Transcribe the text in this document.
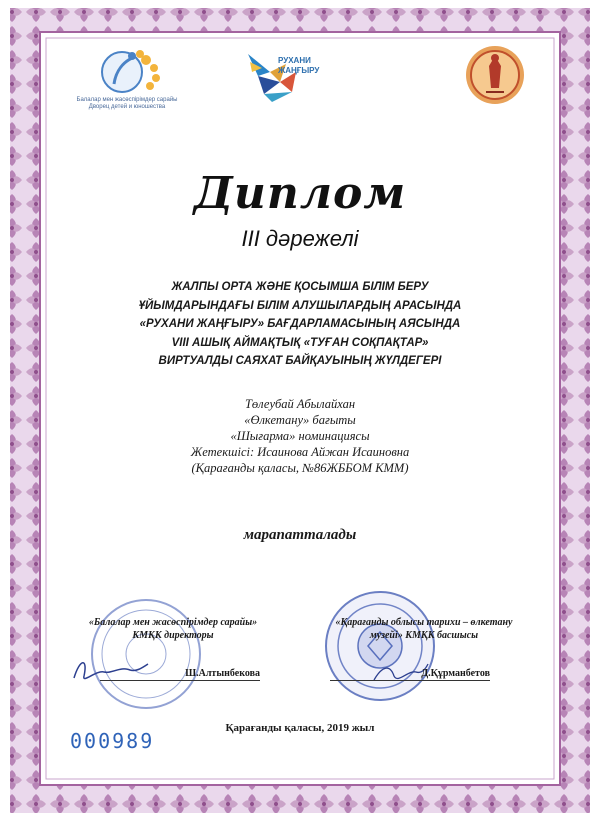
Балалар мен жасөспірімдер сарайы
Дворец детей и юношества
РУХАНИ
ЖАҢҒЫРУ
Диплом
III дәрежелі
ЖАЛПЫ ОРТА ЖӘНЕ ҚОСЫМША БІЛІМ БЕРУ
ҰЙЫМДАРЫНДАҒЫ БІЛІМ АЛУШЫЛАРДЫҢ АРАСЫНДА
«РУХАНИ ЖАҢҒЫРУ» БАҒДАРЛАМАСЫНЫҢ АЯСЫНДА
VIII АШЫҚ АЙМАҚТЫҚ «ТУҒАН СОҚПАҚТАР»
ВИРТУАЛДЫ САЯХАТ БАЙҚАУЫНЫҢ ЖҮЛДЕГЕРІ
Төлеубай Абылайхан
«Өлкетану» бағыты
«Шығарма» номинациясы
Жетекшісі: Исаинова Айжан Исаиновна
(Қарағанды қаласы, №86ЖББОМ КММ)
марапатталады
«Балалар мен жасөспірімдер сарайы»
КМҚК директоры
«Қарағанды облысы тарихи – өлкетану
музейі» КМҚК басшысы
Ш.Алтынбекова	Д.Құрманбетов
Қарағанды қаласы, 2019 жыл
000989
